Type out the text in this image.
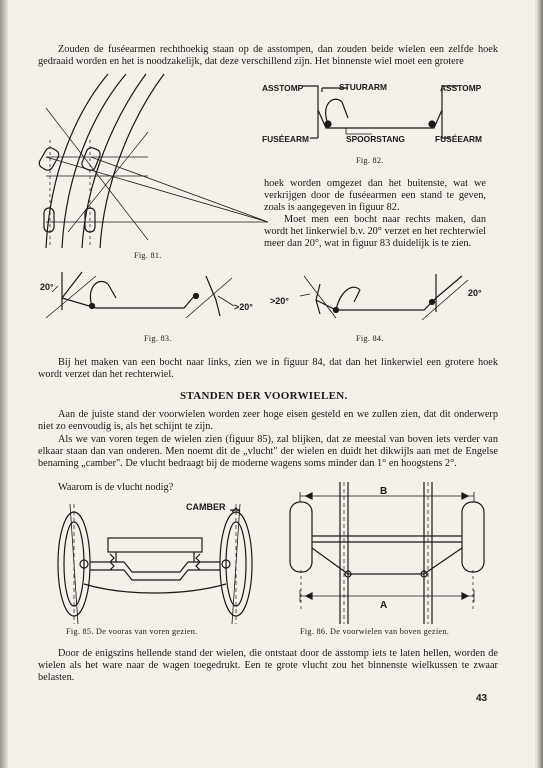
Zouden de fuséearmen rechthoekig staan op de asstompen, dan zouden beide wielen een zelfde hoek gedraaid worden en het is noodzakelijk, dat deze verschillend zijn. Het binnenste wiel moet een grotere
Fig. 81.
ASSTOMP	STUURARM	ASSTOMP
FUSÉEARM	SPOORSTANG	FUSÉEARM
Fig. 82.
hoek worden omgezet dan het buitenste, wat we verkrijgen door de fuséearmen een stand te geven, zoals is aangegeven in figuur 82.
Moet men een bocht naar rechts maken, dan wordt het linkerwiel b.v. 20° verzet en het rechterwiel meer dan 20°, wat in figuur 83 duidelijk is te zien.
20°
>20°
Fig. 83.
>20°
20°
Fig. 84.
Bij het maken van een bocht naar links, zien we in figuur 84, dat dan het linkerwiel een grotere hoek wordt verzet dan het rechterwiel.
STANDEN DER VOORWIELEN.
Aan de juiste stand der voorwielen worden zeer hoge eisen gesteld en we zullen zien, dat dit onderwerp niet zo eenvoudig is, als het schijnt te zijn.
Als we van voren tegen de wielen zien (figuur 85), zal blijken, dat ze meestal van boven iets verder van elkaar staan dan van onderen. Men noemt dit de „vlucht" der wielen en duidt het dikwijls aan met de Engelse benaming „camber". De vlucht bedraagt bij de moderne wagens soms minder dan 1° en hoogstens 2°.
Waarom is de vlucht nodig?
CAMBER
Fig. 85. De vooras van voren gezien.
B
A
Fig. 86. De voorwielen van boven gezien.
Door de enigszins hellende stand der wielen, die ontstaat door de asstomp iets te laten hellen, worden de wielen als het ware naar de wagen toegedrukt. Een te grote vlucht zou het binnenste wielkussen te zwaar belasten.
43
